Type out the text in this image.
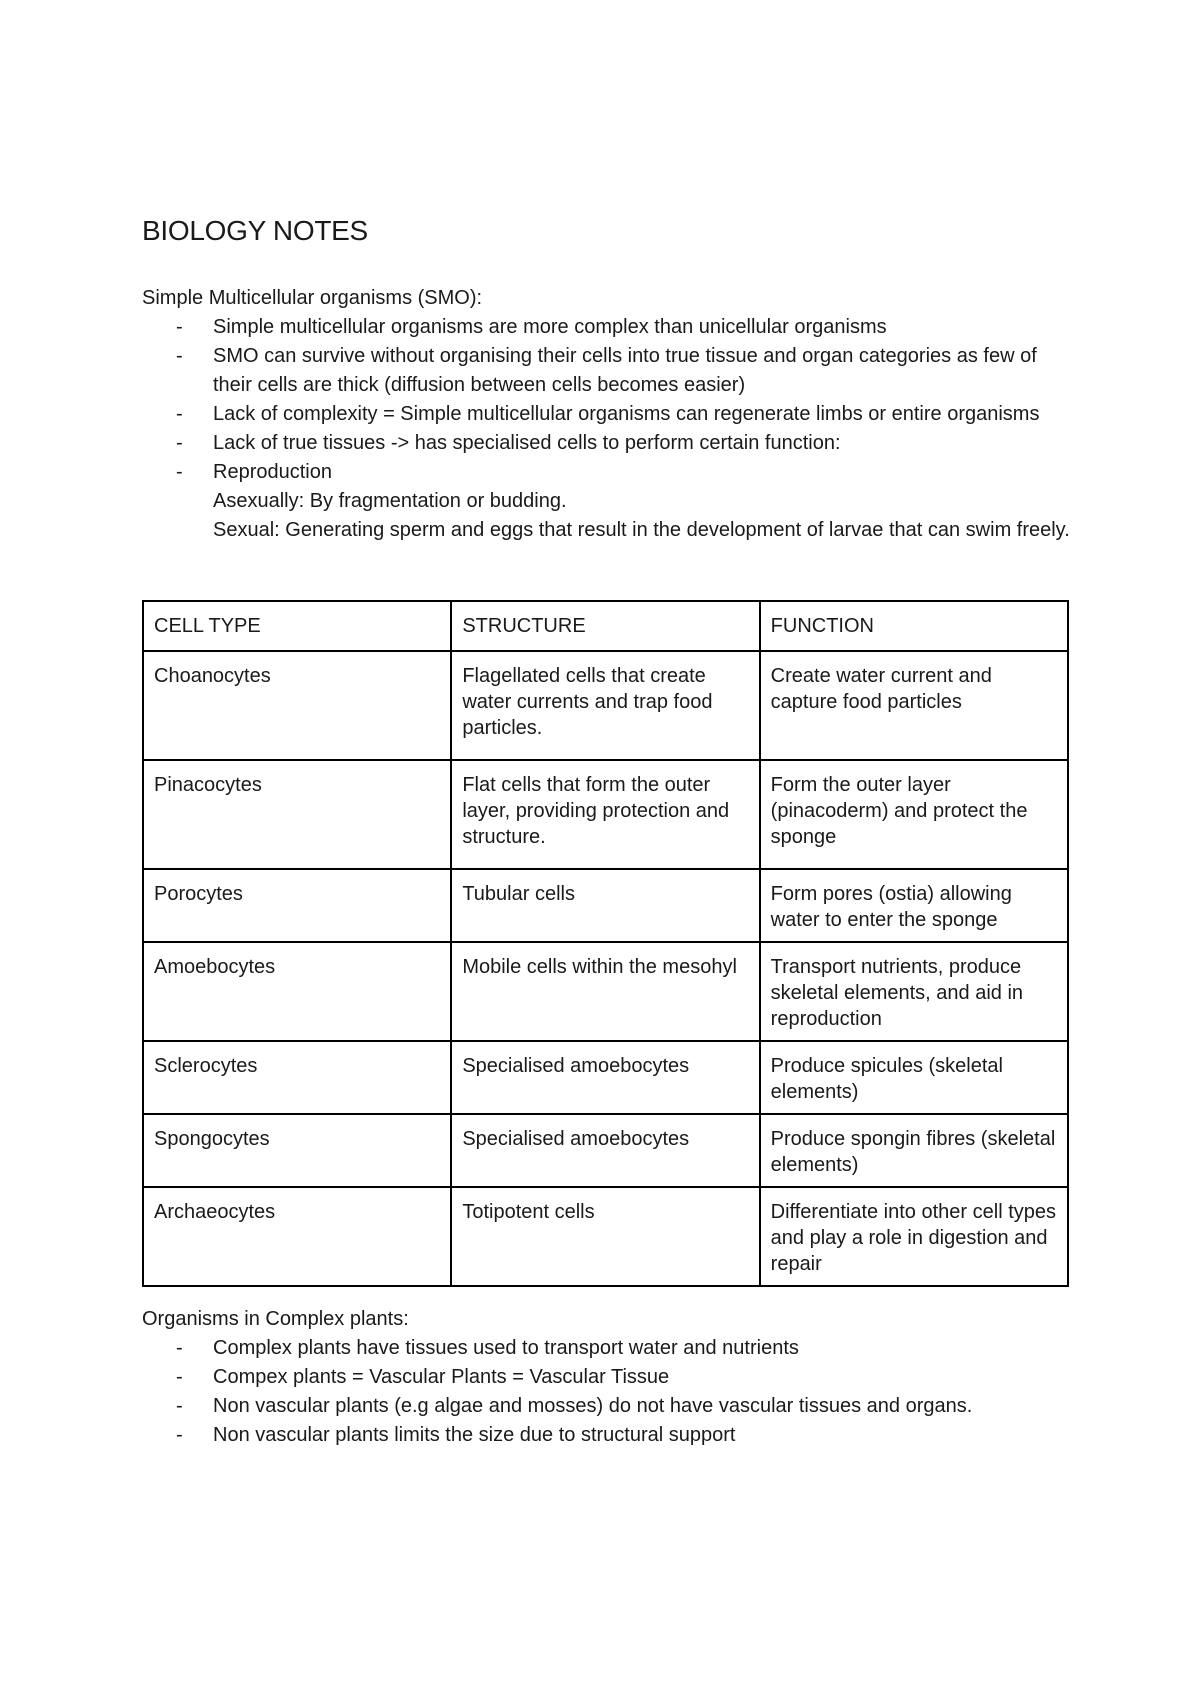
BIOLOGY NOTES

Simple Multicellular organisms (SMO):

- Simple multicellular organisms are more complex than unicellular organisms
- SMO can survive without organising their cells into true tissue and organ categories as few of their cells are thick (diffusion between cells becomes easier)
- Lack of complexity = Simple multicellular organisms can regenerate limbs or entire organisms
- Lack of true tissues -> has specialised cells to perform certain function:
- Reproduction
Asexually: By fragmentation or budding.
Sexual: Generating sperm and eggs that result in the development of larvae that can swim freely.
CELL TYPE	STRUCTURE	FUNCTION
Choanocytes	Flagellated cells that create water currents and trap food particles.	Create water current and capture food particles
Pinacocytes	Flat cells that form the outer layer, providing protection and structure.	Form the outer layer (pinacoderm) and protect the sponge
Porocytes	Tubular cells	Form pores (ostia) allowing water to enter the sponge
Amoebocytes	Mobile cells within the mesohyl	Transport nutrients, produce skeletal elements, and aid in reproduction
Sclerocytes	Specialised amoebocytes	Produce spicules (skeletal elements)
Spongocytes	Specialised amoebocytes	Produce spongin fibres (skeletal elements)
Archaeocytes	Totipotent cells	Differentiate into other cell types and play a role in digestion and repair

Organisms in Complex plants:

- Complex plants have tissues used to transport water and nutrients
- Compex plants = Vascular Plants = Vascular Tissue
- Non vascular plants (e.g algae and mosses) do not have vascular tissues and organs.
- Non vascular plants limits the size due to structural support
